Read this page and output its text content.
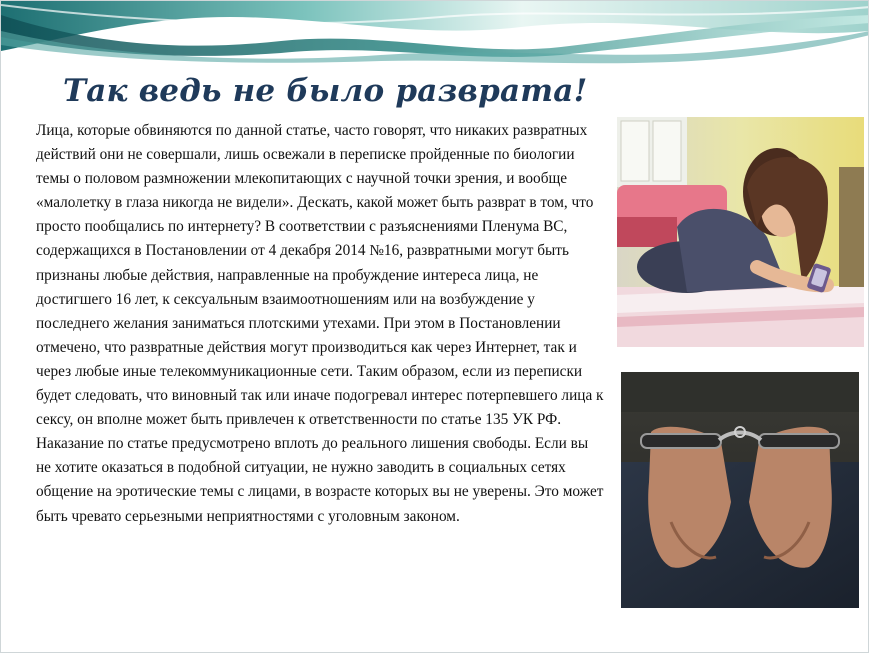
Так ведь не было разврата!

Лица, которые обвиняются по данной статье, часто говорят, что никаких развратных действий они не совершали, лишь освежали в переписке пройденные по биологии темы о половом размножении млекопитающих с научной точки зрения, и вообще «малолетку в глаза никогда не видели». Дескать, какой может быть разврат в том, что просто пообщались по интернету? В соответствии с разъяснениями Пленума ВС, содержащихся в Постановлении от 4 декабря 2014 №16, развратными могут быть признаны любые действия, направленные на пробуждение интереса лица, не достигшего 16 лет, к сексуальным взаимоотношениям или на возбуждение у последнего желания заниматься плотскими утехами. При этом в Постановлении отмечено, что развратные действия могут производиться как через Интернет, так и через любые иные телекоммуникационные сети. Таким образом, если из переписки будет следовать, что виновный так или иначе подогревал интерес потерпевшего лица к сексу, он вполне может быть привлечен к ответственности по статье 135 УК РФ. Наказание по статье предусмотрено вплоть до реального лишения свободы. Если вы не хотите оказаться в подобной ситуации, не нужно заводить в социальных сетях общение на эротические темы с лицами, в возрасте которых вы не уверены. Это может быть чревато серьезными неприятностями с уголовным законом.
